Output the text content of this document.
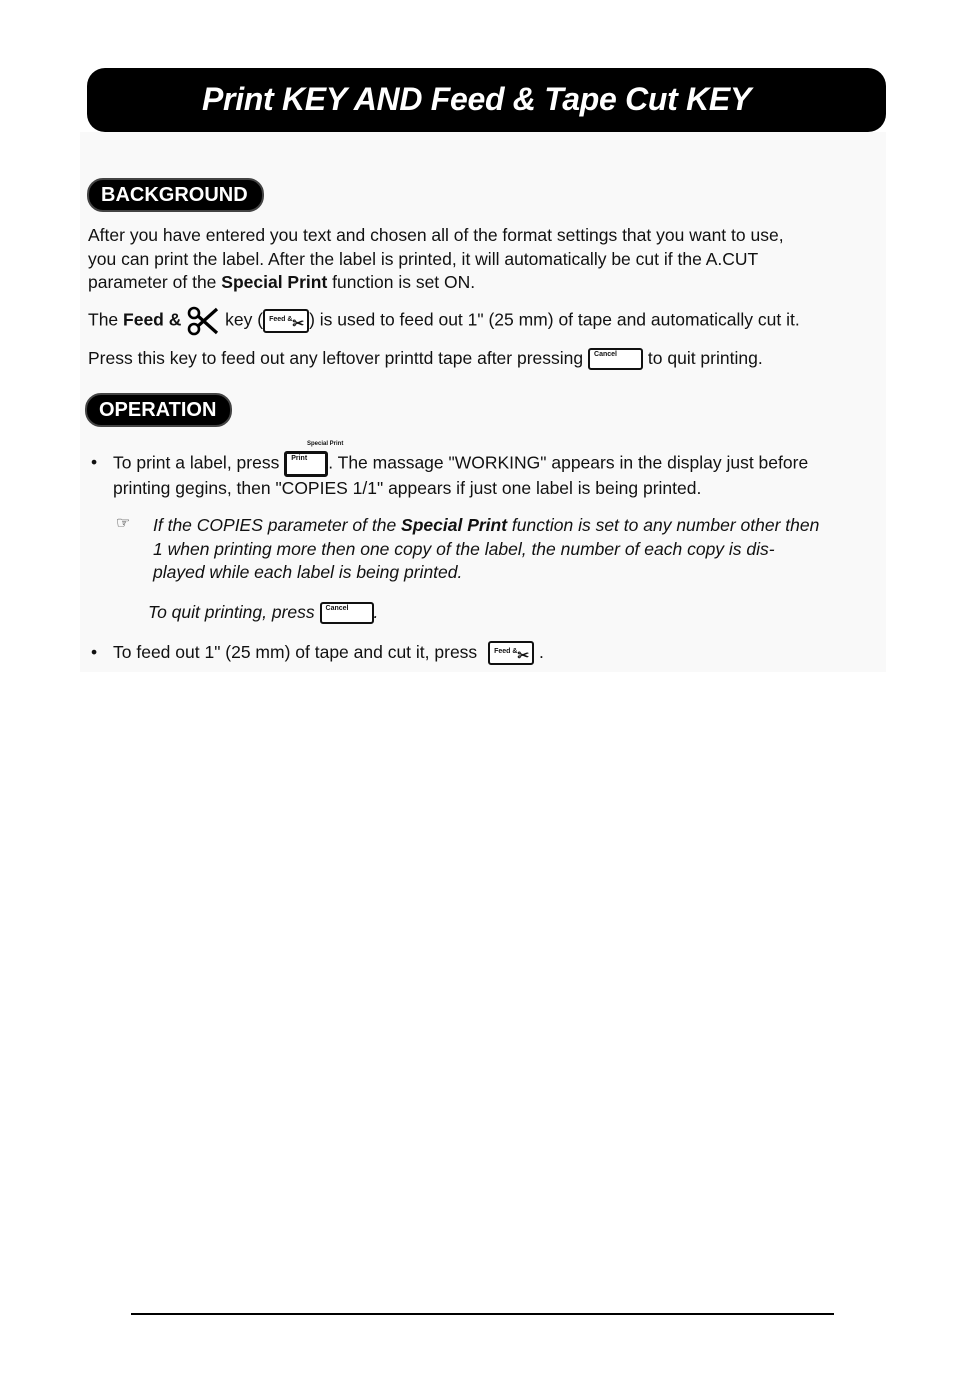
Print KEY AND Feed & Tape Cut KEY
BACKGROUND

After you have entered you text and chosen all of the format settings that you want to use,
you can print the label. After the label is printed, it will automatically be cut if the A.CUT
parameter of the Special Print function is set ON.

The Feed &	key ( Feed & ✂ ) is used to feed out 1" (25 mm) of tape and automatically cut it.

Press this key to feed out any leftover printtd tape after pressing Cancel to quit printing.

OPERATION
Special Print
• To print a label, press Print . The massage "WORKING" appears in the display just before
printing gegins, then "COPIES 1/1" appears if just one label is being printed.

☞ If the COPIES parameter of the Special Print function is set to any number other then
1 when printing more then one copy of the label, the number of each copy is dis-
played while each label is being printed.

To quit printing, press Cancel .

• To feed out 1" (25 mm) of tape and cut it, press Feed & ✂ .
